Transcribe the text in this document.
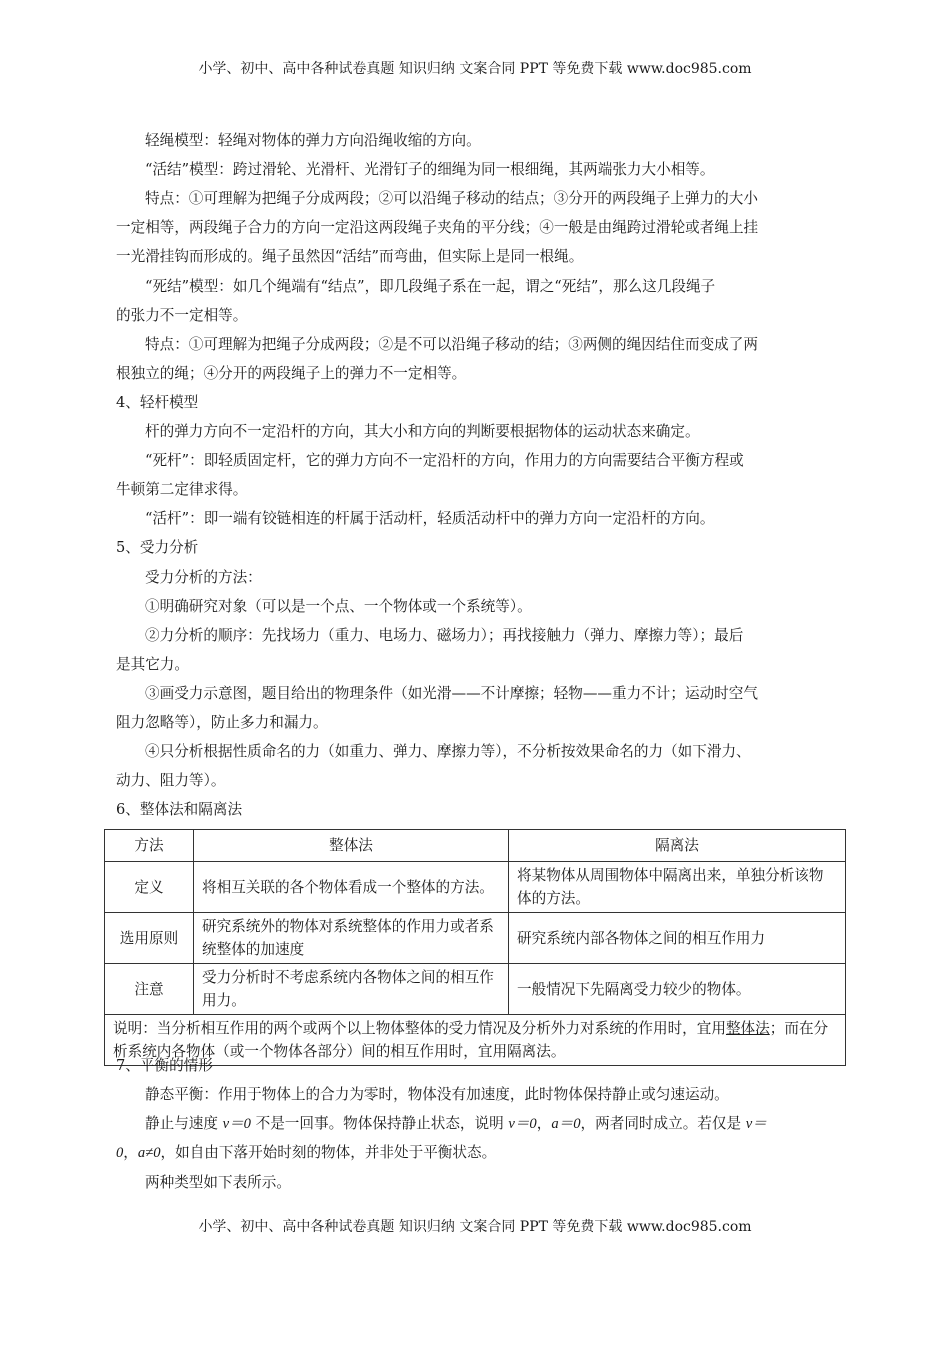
小学、初中、高中各种试卷真题 知识归纳 文案合同 PPT 等免费下载 www.doc985.com
轻绳模型：轻绳对物体的弹力方向沿绳收缩的方向。
“活结”模型：跨过滑轮、光滑杆、光滑钉子的细绳为同一根细绳，其两端张力大小相等。
特点：①可理解为把绳子分成两段；②可以沿绳子移动的结点；③分开的两段绳子上弹力的大小
一定相等，两段绳子合力的方向一定沿这两段绳子夹角的平分线；④一般是由绳跨过滑轮或者绳上挂
一光滑挂钩而形成的。绳子虽然因“活结”而弯曲，但实际上是同一根绳。
“死结”模型：如几个绳端有“结点”，即几段绳子系在一起，谓之“死结”，那么这几段绳子
的张力不一定相等。
特点：①可理解为把绳子分成两段；②是不可以沿绳子移动的结；③两侧的绳因结住而变成了两
根独立的绳；④分开的两段绳子上的弹力不一定相等。
4、轻杆模型
杆的弹力方向不一定沿杆的方向，其大小和方向的判断要根据物体的运动状态来确定。
“死杆”：即轻质固定杆，它的弹力方向不一定沿杆的方向，作用力的方向需要结合平衡方程或
牛顿第二定律求得。
“活杆”：即一端有铰链相连的杆属于活动杆，轻质活动杆中的弹力方向一定沿杆的方向。
5、受力分析
受力分析的方法：
①明确研究对象（可以是一个点、一个物体或一个系统等）。
②力分析的顺序：先找场力（重力、电场力、磁场力）；再找接触力（弹力、摩擦力等）；最后
是其它力。
③画受力示意图，题目给出的物理条件（如光滑——不计摩擦；轻物——重力不计；运动时空气
阻力忽略等），防止多力和漏力。
④只分析根据性质命名的力（如重力、弹力、摩擦力等），不分析按效果命名的力（如下滑力、
动力、阻力等）。
6、整体法和隔离法
方法	整体法	隔离法
定义	将相互关联的各个物体看成一个整体的方法。	将某物体从周围物体中隔离出来，单独分析该物体的方法。
选用原则	研究系统外的物体对系统整体的作用力或者系统整体的加速度	研究系统内部各物体之间的相互作用力
注意	受力分析时不考虑系统内各物体之间的相互作用力。	一般情况下先隔离受力较少的物体。
说明：当分析相互作用的两个或两个以上物体整体的受力情况及分析外力对系统的作用时，宜用整体法；而在分析系统内各物体（或一个物体各部分）间的相互作用时，宜用隔离法。		
7、平衡的情形
静态平衡：作用于物体上的合力为零时，物体没有加速度，此时物体保持静止或匀速运动。
静止与速度 v＝0 不是一回事。物体保持静止状态，说明 v＝0，a＝0，两者同时成立。若仅是 v＝
0，a≠0，如自由下落开始时刻的物体，并非处于平衡状态。
两种类型如下表所示。
小学、初中、高中各种试卷真题 知识归纳 文案合同 PPT 等免费下载 www.doc985.com
